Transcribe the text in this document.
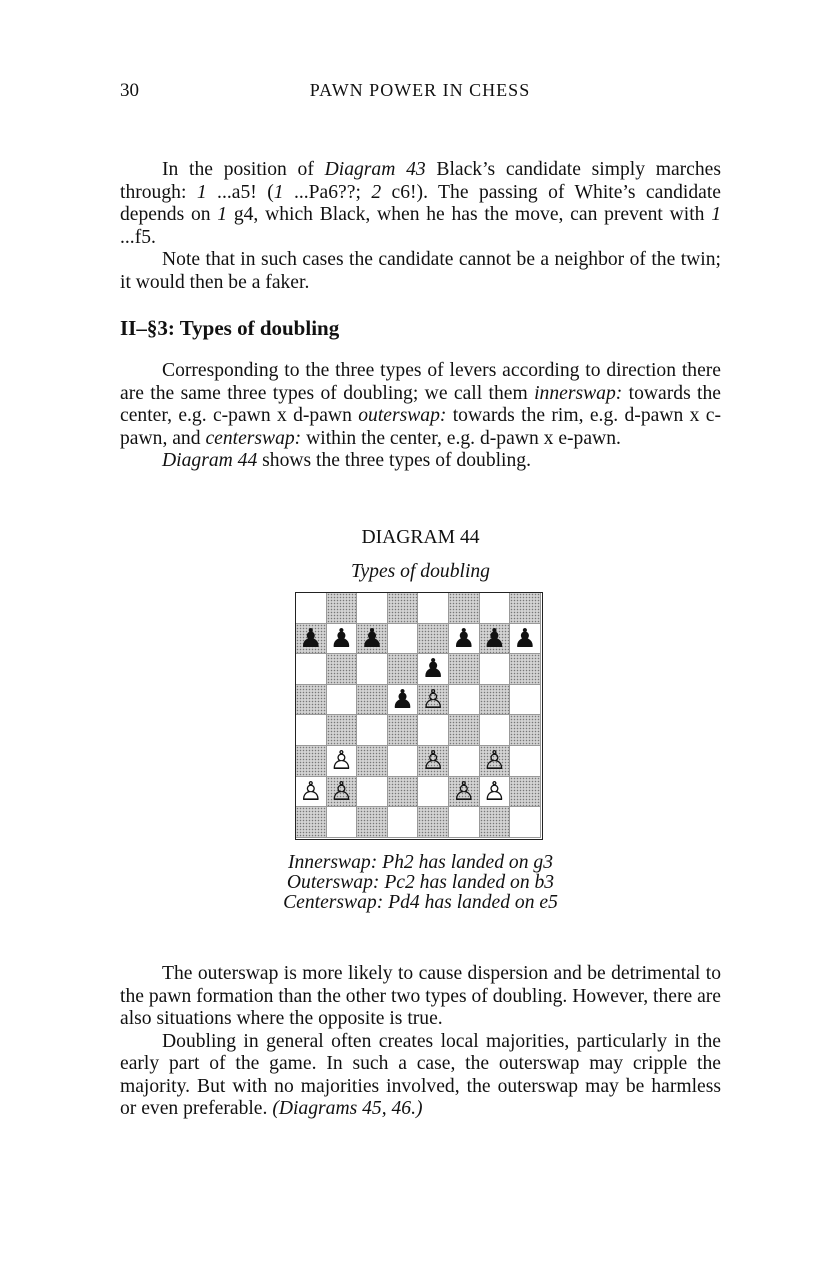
30	PAWN POWER IN CHESS

In the position of Diagram 43 Black’s candidate simply marches through: 1 ...a5! (1 ...Pa6??; 2 c6!). The passing of White’s candidate depends on 1 g4, which Black, when he has the move, can prevent with 1 ...f5.

Note that in such cases the candidate cannot be a neighbor of the twin; it would then be a faker.

II–§3: Types of doubling

Corresponding to the three types of levers according to direction there are the same three types of doubling; we call them innerswap: towards the center, e.g. c-pawn x d-pawn outerswap: towards the rim, e.g. d-pawn x c-pawn, and centerswap: within the center, e.g. d-pawn x e-pawn.

Diagram 44 shows the three types of doubling.

DIAGRAM 44
Types of doubling
♟ ♟ ♟	♟ ♟ ♟
♟
♟ ♙
♙	♙ ♙
♙ ♙	♙ ♙
Innerswap: Ph2 has landed on g3
Outerswap: Pc2 has landed on b3
Centerswap: Pd4 has landed on e5

The outerswap is more likely to cause dispersion and be detrimental to the pawn formation than the other two types of doubling. However, there are also situations where the opposite is true.

Doubling in general often creates local majorities, particularly in the early part of the game. In such a case, the outerswap may cripple the majority. But with no majorities involved, the outerswap may be harmless or even preferable. (Diagrams 45, 46.)
